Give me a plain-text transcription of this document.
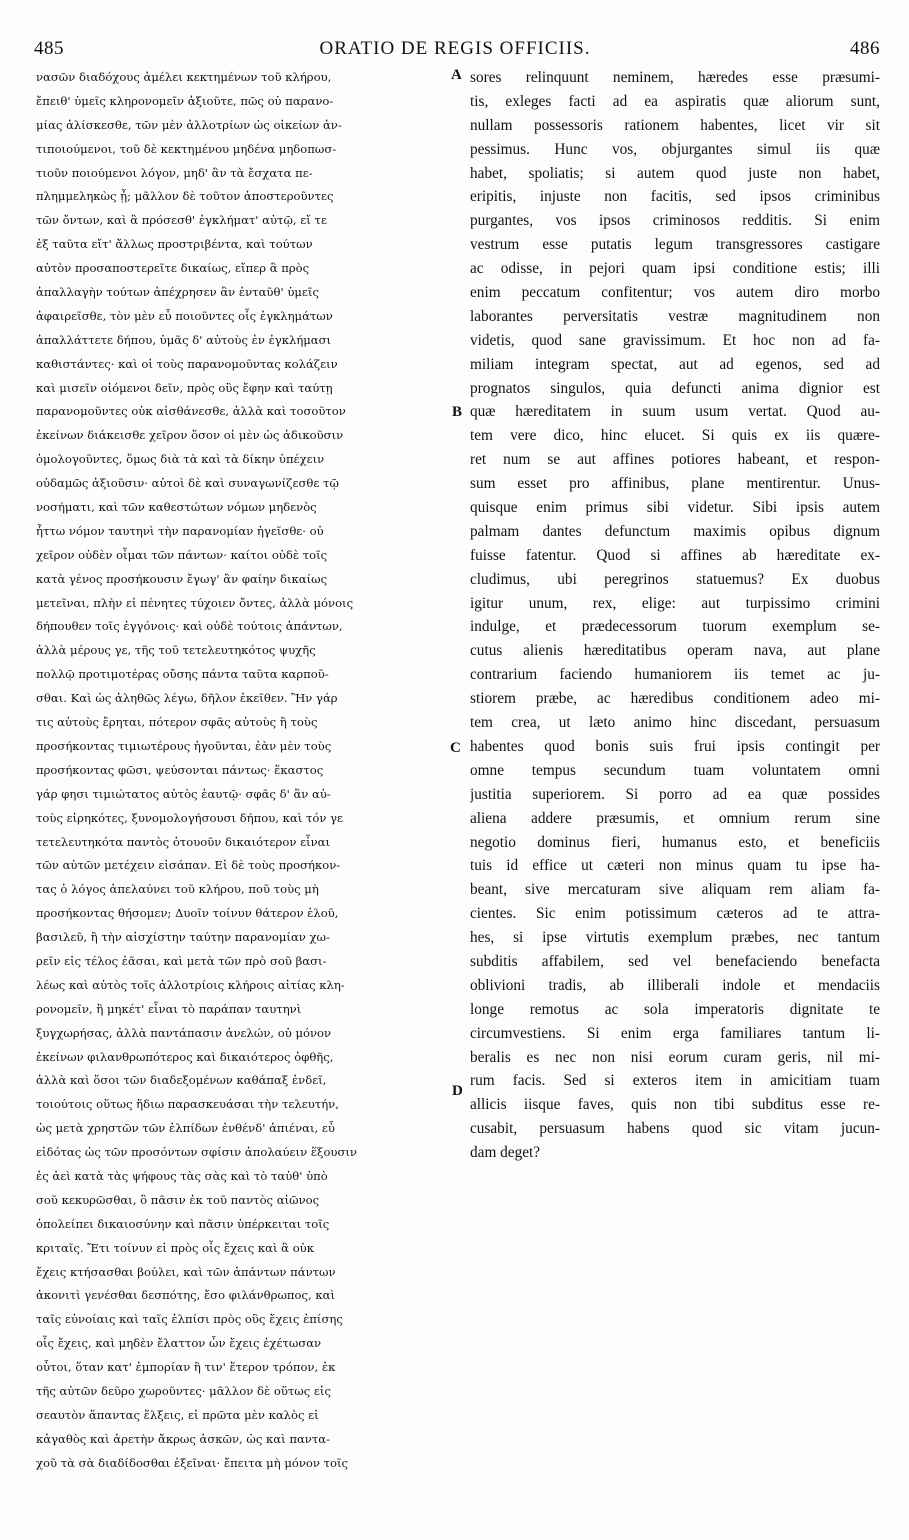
485	ORATIO DE REGIS OFFICIIS.	486
νασῶν διαδόχους ἀμέλει κεκτημένων τοῦ κλήρου,
ἔπειθ' ὑμεῖς κληρονομεῖν ἀξιοῦτε, πῶς οὐ παρανο-
μίας ἁλίσκεσθε, τῶν μὲν ἀλλοτρίων ὡς οἰκείων ἀν-
τιποιούμενοι, τοῦ δὲ κεκτημένου μηδένα μηδοπωσ-
τιοῦν ποιούμενοι λόγον, μηδ' ἂν τὰ ἔσχατα πε-
πλημμεληκὼς ᾖ; μᾶλλον δὲ τοῦτον ἀποστεροῦντες
τῶν ὄντων, καὶ ἃ πρόσεσθ' ἐγκλήματ' αὐτῷ, εἴ τε
ἐξ ταῦτα εἴτ' ἄλλως προστριβέντα, καὶ τούτων
αὐτὸν προσαποστερεῖτε δικαίως, εἴπερ ἃ πρὸς
ἀπαλλαγὴν τούτων ἀπέχρησεν ἂν ἐνταῦθ' ὑμεῖς
ἀφαιρεῖσθε, τὸν μὲν εὖ ποιοῦντες οἷς ἐγκλημάτων
ἀπαλλάττετε δήπου, ὑμᾶς δ' αὐτοὺς ἐν ἐγκλήμασι
καθιστάντες· καὶ οἱ τοὺς παρανομοῦντας κολάζειν
καὶ μισεῖν οἰόμενοι δεῖν, πρὸς οὓς ἔφην καὶ ταύτῃ
παρανομοῦντες οὐκ αἰσθάνεσθε, ἀλλὰ καὶ τοσοῦτον
ἐκείνων διάκεισθε χεῖρον ὅσον οἱ μὲν ὡς ἀδικοῦσιν
ὁμολογοῦντες, ὅμως διὰ τὰ καὶ τὰ δίκην ὑπέχειν
οὐδαμῶς ἀξιοῦσιν· αὐτοὶ δὲ καὶ συναγωνίζεσθε τῷ
νοσήματι, καὶ τῶν καθεστώτων νόμων μηδενὸς
ἧττω νόμον ταυτηνὶ τὴν παρανομίαν ἡγεῖσθε· οὐ
χεῖρον οὐδὲν οἶμαι τῶν πάντων· καίτοι οὐδὲ τοῖς
κατὰ γένος προσήκουσιν ἔγωγ' ἂν φαίην δικαίως
μετεῖναι, πλὴν εἰ πένητες τύχοιεν ὄντες, ἀλλὰ μόνοις
δήπουθεν τοῖς ἐγγόνοις· καὶ οὐδὲ τούτοις ἁπάντων,
ἀλλὰ μέρους γε, τῆς τοῦ τετελευτηκότος ψυχῆς
πολλῷ προτιμοτέρας οὔσης πάντα ταῦτα καρποῦ-
σθαι. Καὶ ὡς ἀληθῶς λέγω, δῆλον ἐκεῖθεν. Ἢν γάρ
τις αὐτοὺς ἔρηται, πότερον σφᾶς αὐτοὺς ἢ τοὺς
προσήκοντας τιμιωτέρους ἡγοῦνται, ἐὰν μὲν τοὺς
προσήκοντας φῶσι, ψεύσονται πάντως· ἕκαστος
γάρ φησι τιμιώτατος αὐτὸς ἑαυτῷ· σφᾶς δ' ἂν αὐ-
τοὺς εἰρηκότες, ξυνομολογήσουσι δήπου, καὶ τόν γε
τετελευτηκότα παντὸς ὁτουοῦν δικαιότερον εἶναι
τῶν αὐτῶν μετέχειν εἰσάπαν. Εἰ δὲ τοὺς προσήκον-
τας ὁ λόγος ἀπελαύνει τοῦ κλήρου, ποῦ τοὺς μὴ
προσήκοντας θήσομεν; Δυοῖν τοίνυν θάτερον ἑλοῦ,
βασιλεῦ, ἢ τὴν αἰσχίστην ταύτην παρανομίαν χω-
ρεῖν εἰς τέλος ἐᾶσαι, καὶ μετὰ τῶν πρὸ σοῦ βασι-
λέως καὶ αὐτὸς τοῖς ἀλλοτρίοις κλήροις αἰτίας κλη-
ρονομεῖν, ἢ μηκέτ' εἶναι τὸ παράπαν ταυτηνὶ
ξυγχωρήσας, ἀλλὰ παντάπασιν ἀνελών, οὐ μόνον
ἐκείνων φιλανθρωπότερος καὶ δικαιότερος ὀφθῆς,
ἀλλὰ καὶ ὅσοι τῶν διαδεξομένων καθάπαξ ἐνδεῖ,
τοιούτοις οὕτως ἥδιω παρασκευάσαι τὴν τελευτήν,
ὡς μετὰ χρηστῶν τῶν ἐλπίδων ἐνθένδ' ἀπιέναι, εὖ
εἰδότας ὡς τῶν προσόντων σφίσιν ἀπολαύειν ἕξουσιν
ἐς ἀεὶ κατὰ τὰς ψήφους τὰς σὰς καὶ τὸ ταὐθ' ὑπὸ
σοῦ κεκυρῶσθαι, ὃ πᾶσιν ἐκ τοῦ παντὸς αἰῶνος
ὁπολείπει δικαιοσύνην καὶ πᾶσιν ὑπέρκειται τοῖς
κριταῖς. Ἔτι τοίνυν εἰ πρὸς οἷς ἔχεις καὶ ἃ οὐκ
ἔχεις κτήσασθαι βούλει, καὶ τῶν ἁπάντων πάντων
ἀκονιτὶ γενέσθαι δεσπότης, ἔσο φιλάνθρωπος, καὶ
ταῖς εὐνοίαις καὶ ταῖς ἐλπίσι πρὸς οὓς ἔχεις ἐπίσης
οἷς ἔχεις, καὶ μηδὲν ἔλαττον ὧν ἔχεις ἐχέτωσαν
οὗτοι, ὅταν κατ' ἐμπορίαν ἢ τιν' ἕτερον τρόπον, ἐκ
τῆς αὐτῶν δεῦρο χωροῦντες· μᾶλλον δὲ οὕτως εἰς
σεαυτὸν ἅπαντας ἕλξεις, εἰ πρῶτα μὲν καλὸς εἰ
κἀγαθὸς καὶ ἀρετὴν ἄκρως ἀσκῶν, ὡς καὶ παντα-
χοῦ τὰ σὰ διαδίδοσθαι ἐξεῖναι· ἔπειτα μὴ μόνον τοῖς
sores relinquunt neminem, hæredes esse præsumi-
tis, exleges facti ad ea aspiratis quæ aliorum sunt,
nullam possessoris rationem habentes, licet vir sit
pessimus. Hunc vos, objurgantes simul iis quæ
habet, spoliatis; si autem quod juste non habet,
eripitis, injuste non facitis, sed ipsos criminibus
purgantes, vos ipsos criminosos redditis. Si enim
vestrum esse putatis legum transgressores castigare
ac odisse, in pejori quam ipsi conditione estis; illi
enim peccatum confitentur; vos autem diro morbo
laborantes perversitatis vestræ magnitudinem non
videtis, quod sane gravissimum. Et hoc non ad fa-
miliam integram spectat, aut ad egenos, sed ad
prognatos singulos, quia defuncti anima dignior est
quæ hæreditatem in suum usum vertat. Quod au-
tem vere dico, hinc elucet. Si quis ex iis quære-
ret num se aut affines potiores habeant, et respon-
sum esset pro affinibus, plane mentirentur. Unus-
quisque enim primus sibi videtur. Sibi ipsis autem
palmam dantes defunctum maximis opibus dignum
fuisse fatentur. Quod si affines ab hæreditate ex-
cludimus, ubi peregrinos statuemus? Ex duobus
igitur unum, rex, elige: aut turpissimo crimini
indulge, et prædecessorum tuorum exemplum se-
cutus alienis hæreditatibus operam nava, aut plane
contrarium faciendo humaniorem iis temet ac ju-
stiorem præbe, ac hæredibus conditionem adeo mi-
tem crea, ut læto animo hinc discedant, persuasum
habentes quod bonis suis frui ipsis contingit per
omne tempus secundum tuam voluntatem omni
justitia superiorem. Si porro ad ea quæ possides
aliena addere præsumis, et omnium rerum sine
negotio dominus fieri, humanus esto, et beneficiis
tuis id effice ut cæteri non minus quam tu ipse ha-
beant, sive mercaturam sive aliquam rem aliam fa-
cientes. Sic enim potissimum cæteros ad te attra-
hes, si ipse virtutis exemplum præbes, nec tantum
subditis affabilem, sed vel benefaciendo benefacta
oblivioni tradis, ab illiberali indole et mendaciis
longe remotus ac sola imperatoris dignitate te
circumvestiens. Si enim erga familiares tantum li-
beralis es nec non nisi eorum curam geris, nil mi-
rum facis. Sed si exteros item in amicitiam tuam
allicis iisque faves, quis non tibi subditus esse re-
cusabit, persuasum habens quod sic vitam jucun-
dam deget?
A
B
C
D
